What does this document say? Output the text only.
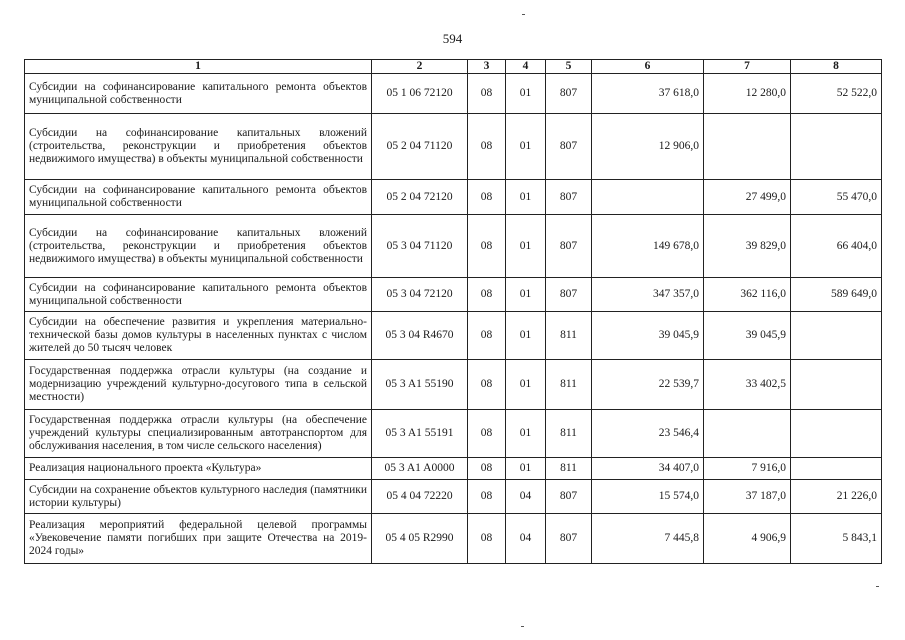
594
1	2	3	4	5	6	7	8
Субсидии на софинансирование капитального ремонта объектов муниципальной собственности	05 1 06 72120	08	01	807	37 618,0	12 280,0	52 522,0
Субсидии на софинансирование капитальных вложений (строительства, реконструкции и приобретения объектов недвижимого имущества) в объекты муниципальной собственности	05 2 04 71120	08	01	807	12 906,0		
Субсидии на софинансирование капитального ремонта объектов муниципальной собственности	05 2 04 72120	08	01	807		27 499,0	55 470,0
Субсидии на софинансирование капитальных вложений (строительства, реконструкции и приобретения объектов недвижимого имущества) в объекты муниципальной собственности	05 3 04 71120	08	01	807	149 678,0	39 829,0	66 404,0
Субсидии на софинансирование капитального ремонта объектов муниципальной собственности	05 3 04 72120	08	01	807	347 357,0	362 116,0	589 649,0
Субсидии на обеспечение развития и укрепления материально-технической базы домов культуры в населенных пунктах с числом жителей до 50 тысяч человек	05 3 04 R4670	08	01	811	39 045,9	39 045,9	
Государственная поддержка отрасли культуры (на создание и модернизацию учреждений культурно-досугового типа в сельской местности)	05 3 A1 55190	08	01	811	22 539,7	33 402,5	
Государственная поддержка отрасли культуры (на обеспечение учреждений культуры специализированным автотранспортом для обслуживания населения, в том числе сельского населения)	05 3 A1 55191	08	01	811	23 546,4		
Реализация национального проекта «Культура»	05 3 A1 A0000	08	01	811	34 407,0	7 916,0	
Субсидии на сохранение объектов культурного наследия (памятники истории культуры)	05 4 04 72220	08	04	807	15 574,0	37 187,0	21 226,0
Реализация мероприятий федеральной целевой программы «Увековечение памяти погибших при защите Отечества на 2019-2024 годы»	05 4 05 R2990	08	04	807	7 445,8	4 906,9	5 843,1
